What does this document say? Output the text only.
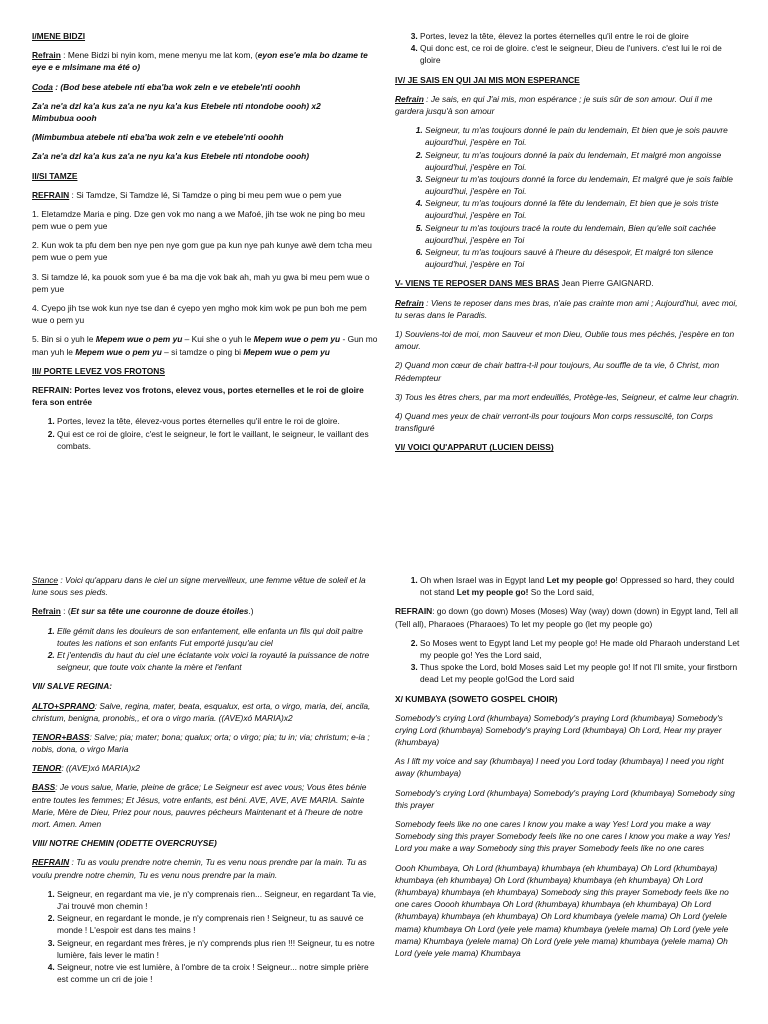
I/MENE BIDZI
Refrain : Mene Bidzi bi nyin kom, mene menyu me lat kom, (eyon ese'e mla bo dzame te eye e e mlsimane ma été o)
Coda : (Bod bese atebele nti eba'ba wok zeln e ve etebele'nti ooohh
Za'a ne'a dzl ka'a kus za'a ne nyu ka'a kus Etebele nti ntondobe oooh) x2
Mimbubua oooh
(Mimbumbua atebele nti eba'ba wok zeln e ve etebele'nti ooohh
Za'a ne'a dzl ka'a kus za'a ne nyu ka'a kus Etebele nti ntondobe oooh)
II/SI TAMZE
REFRAIN : Si Tamdze, Si Tamdze lé, Si Tamdze o ping bi meu pem wue o pem yue
1. Eletamdze Maria e ping. Dze gen vok mo nang a we Mafoé, jih tse wok ne ping bo meu pem wue o pem yue
2. Kun wok ta pfu dem ben nye pen nye gom gue pa kun nye pah kunye awè dem tcha meu pem wue o pem yue
3. Si tamdze lé, ka pouok som yue é ba ma dje vok bak ah, mah yu gwa bi meu pem wue o pem yue
4. Cyepo jih tse wok kun nye tse dan é cyepo yen mgho mok kim wok pe pun boh me pem wue o pem yu
5. Bin si o yuh le Mepem wue o pem yu – Kui she o yuh le Mepem wue o pem yu - Gun mo man yuh le Mepem wue o pem yu – si tamdze o ping bi Mepem wue o pem yu
III/ PORTE LEVEZ VOS FROTONS
REFRAIN: Portes levez vos frotons, elevez vous, portes eternelles et le roi de gloire fera son entrée
1. Portes, levez la tête, élevez-vous portes éternelles qu'il entre le roi de gloire.
2. Qui est ce roi de gloire, c'est le seigneur, le fort le vaillant, le seigneur, le vaillant des combats.
3. Portes, levez la tête, élevez la portes éternelles qu'il entre le roi de gloire
4. Qui donc est, ce roi de gloire. c'est le seigneur, Dieu de l'univers. c'est lui le roi de gloire
IV/ JE SAIS EN QUI JAI MIS MON ESPERANCE
Refrain : Je sais, en qui J'ai mis, mon espérance ; je suis sûr de son amour. Oui il me gardera jusqu'à son amour
1. Seigneur, tu m'as toujours donné le pain du lendemain, Et bien que je sois pauvre aujourd'hui, j'espère en Toi.
2. Seigneur, tu m'as toujours donné la paix du lendemain, Et malgré mon angoisse aujourd'hui, j'espère en Toi.
3. Seigneur tu m'as toujours donné la force du lendemain, Et malgré que je sois faible aujourd'hui, j'espère en Toi.
4. Seigneur, tu m'as toujours donné la fête du lendemain, Et bien que je sois triste aujourd'hui, j'espère en Toi.
5. Seigneur tu m'as toujours tracé la route du lendemain, Bien qu'elle soit cachée aujourd'hui, j'espère en Toi
6. Seigneur, tu m'as toujours sauvé à l'heure du désespoir, Et malgré ton silence aujourd'hui, j'espère en Toi
V- VIENS TE REPOSER DANS MES BRAS Jean Pierre GAIGNARD.
Refrain : Viens te reposer dans mes bras, n'aie pas crainte mon ami ; Aujourd'hui, avec moi, tu seras dans le Paradis.
1) Souviens-toi de moi, mon Sauveur et mon Dieu, Oublie tous mes péchés, j'espère en ton amour.
2) Quand mon cœur de chair battra-t-il pour toujours, Au souffle de ta vie, ô Christ, mon Rédempteur
3) Tous les êtres chers, par ma mort endeuillés, Protège-les, Seigneur, et calme leur chagrin.
4) Quand mes yeux de chair verront-ils pour toujours Mon corps ressuscité, ton Corps transfiguré
VI/ VOICI QU'APPARUT (LUCIEN DEISS)
Stance : Voici qu'apparu dans le ciel un signe merveilleux, une femme vêtue de soleil et la lune sous ses pieds.
Refrain : (Et sur sa tête une couronne de douze étoiles.)
1. Elle gémit dans les douleurs de son enfantement, elle enfanta un fils qui doit paitre toutes les nations et son enfants Fut emporté jusqu'au ciel
2. Et j'entendis du haut du ciel une éclatante voix voici la royauté la puissance de notre seigneur, que toute voix chante la mère et l'enfant
VII/ SALVE REGINA:
ALTO+SPRANO: Salve, regina, mater, beata, esqualux, est orta, o virgo, maria, dei, ancila, christum, benigna, pronobis,, et ora o virgo maria. ((AVE)xó MARIA)x2
TENOR+BASS: Salve; pia; mater; bona; qualux; orta; o virgo; pia; tu in; via; christum; e-ia ; nobis, dona, o virgo Maria
TENOR: ((AVE)xó MARIA)x2
BASS: Je vous salue, Marie, pleine de grâce; Le Seigneur est avec vous; Vous êtes bénie entre toutes les femmes; Et Jésus, votre enfants, est béni. AVE, AVE, AVE MARIA. Sainte Marie, Mère de Dieu, Priez pour nous, pauvres pécheurs Maintenant et à l'heure de notre mort. Amen. Amen
VIII/ NOTRE CHEMIN (ODETTE OVERCRUYSE)
REFRAIN : Tu as voulu prendre notre chemin, Tu es venu nous prendre par la main. Tu as voulu prendre notre chemin, Tu es venu nous prendre par la main.
1. Seigneur, en regardant ma vie, je n'y comprenais rien... Seigneur, en regardant Ta vie, J'ai trouvé mon chemin !
2. Seigneur, en regardant le monde, je n'y comprenais rien ! Seigneur, tu as sauvé ce monde ! L'espoir est dans tes mains !
3. Seigneur, en regardant mes frères, je n'y comprends plus rien !!! Seigneur, tu es notre lumière, fais lever le matin !
4. Seigneur, notre vie est lumière, à l'ombre de ta croix ! Seigneur... notre simple prière est comme un cri de joie !
1. Oh when Israel was in Egypt land Let my people go! Oppressed so hard, they could not stand Let my people go! So the Lord said,
REFRAIN: go down (go down) Moses (Moses) Way (way) down (down) in Egypt land, Tell all (Tell all), Pharaoes (Pharaoes) To let my people go (let my people go)
2. So Moses went to Egypt land Let my people go! He made old Pharaoh understand Let my people go! Yes the Lord said,
3. Thus spoke the Lord, bold Moses said Let my people go! If not I'll smite, your firstborn dead Let my people go!God the Lord said
X/ KUMBAYA (SOWETO GOSPEL CHOIR)
Somebody's crying Lord (khumbaya) Somebody's praying Lord (khumbaya) Somebody's crying Lord (khumbaya) Somebody's praying Lord (khumbaya) Oh Lord, Hear my prayer (khumbaya)
As I lift my voice and say (khumbaya) I need you Lord today (khumbaya) I need you right away (khumbaya)
Somebody's crying Lord (khumbaya) Somebody's praying Lord (khumbaya) Somebody sing this prayer
Somebody feels like no one cares I know you make a way Yes! Lord you make a way Somebody sing this prayer Somebody feels like no one cares I know you make a way Yes! Lord you make a way Somebody sing this prayer Somebody feels like no one cares
Oooh Khumbaya, Oh Lord (khumbaya) khumbaya (eh khumbaya) Oh Lord (khumbaya) khumbaya (eh khumbaya) Oh Lord (khumbaya) khumbaya (eh khumbaya) Oh Lord (khumbaya) khumbaya (eh khumbaya) Somebody sing this prayer Somebody feels like no one cares Ooooh khumbaya Oh Lord (khumbaya) khumbaya (eh khumbaya) Oh Lord (khumbaya) khumbaya (eh khumbaya) Oh Lord khumbaya (yelele mama) Oh Lord (yelele mama) khumbaya Oh Lord (yele yele mama) khumbaya (yelele mama) Oh Lord (yele yele mama) Khumbaya (yelele mama) Oh Lord (yele yele mama) khumbaya (yelele mama) Oh Lord (yele yele mama) Khumbaya
